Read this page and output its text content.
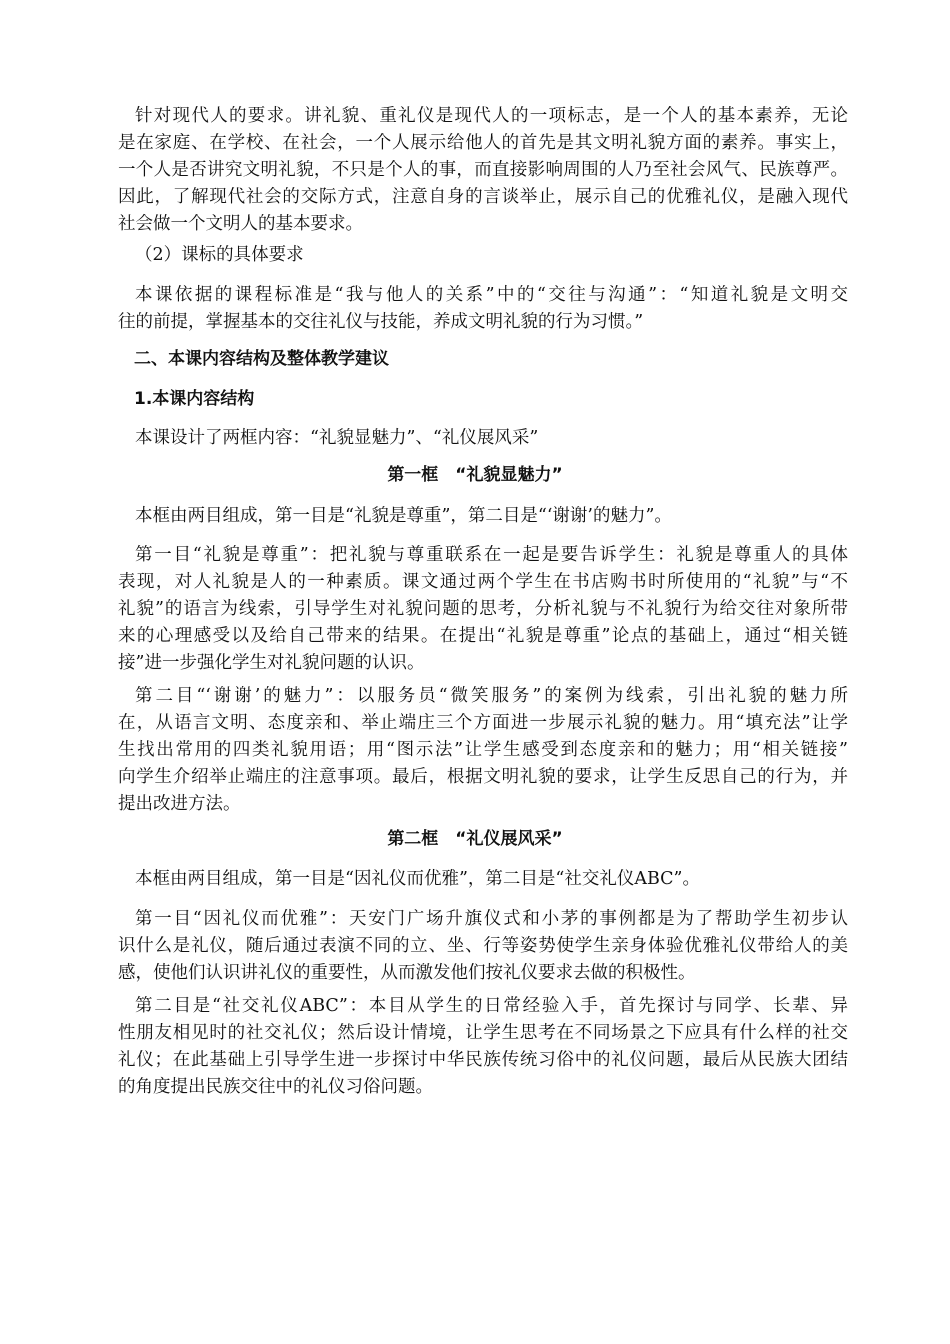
针对现代人的要求。讲礼貌、重礼仪是现代人的一项标志，是一个人的基本素养，无论
是在家庭、在学校、在社会，一个人展示给他人的首先是其文明礼貌方面的素养。事实上，
一个人是否讲究文明礼貌，不只是个人的事，而直接影响周围的人乃至社会风气、民族尊严。
因此，了解现代社会的交际方式，注意自身的言谈举止，展示自己的优雅礼仪，是融入现代
社会做一个文明人的基本要求。
（2）课标的具体要求
本课依据的课程标准是“我与他人的关系”中的“交往与沟通”：“知道礼貌是文明交
往的前提，掌握基本的交往礼仪与技能，养成文明礼貌的行为习惯。”
二、本课内容结构及整体教学建议
1.本课内容结构
本课设计了两框内容：“礼貌显魅力”、“礼仪展风采”
第一框　“礼貌显魅力”
本框由两目组成，第一目是“礼貌是尊重”，第二目是“‘谢谢’的魅力”。
第一目“礼貌是尊重”：把礼貌与尊重联系在一起是要告诉学生：礼貌是尊重人的具体
表现，对人礼貌是人的一种素质。课文通过两个学生在书店购书时所使用的“礼貌”与“不
礼貌”的语言为线索，引导学生对礼貌问题的思考，分析礼貌与不礼貌行为给交往对象所带
来的心理感受以及给自己带来的结果。在提出“礼貌是尊重”论点的基础上，通过“相关链
接”进一步强化学生对礼貌问题的认识。
第二目“‘谢谢’的魅力”：以服务员“微笑服务”的案例为线索，引出礼貌的魅力所
在，从语言文明、态度亲和、举止端庄三个方面进一步展示礼貌的魅力。用“填充法”让学
生找出常用的四类礼貌用语；用“图示法”让学生感受到态度亲和的魅力；用“相关链接”
向学生介绍举止端庄的注意事项。最后，根据文明礼貌的要求，让学生反思自己的行为，并
提出改进方法。
第二框　“礼仪展风采”
本框由两目组成，第一目是“因礼仪而优雅”，第二目是“社交礼仪ABC”。
第一目“因礼仪而优雅”：天安门广场升旗仪式和小茅的事例都是为了帮助学生初步认
识什么是礼仪，随后通过表演不同的立、坐、行等姿势使学生亲身体验优雅礼仪带给人的美
感，使他们认识讲礼仪的重要性，从而激发他们按礼仪要求去做的积极性。
第二目是“社交礼仪ABC”：本目从学生的日常经验入手，首先探讨与同学、长辈、异
性朋友相见时的社交礼仪；然后设计情境，让学生思考在不同场景之下应具有什么样的社交
礼仪；在此基础上引导学生进一步探讨中华民族传统习俗中的礼仪问题，最后从民族大团结
的角度提出民族交往中的礼仪习俗问题。
